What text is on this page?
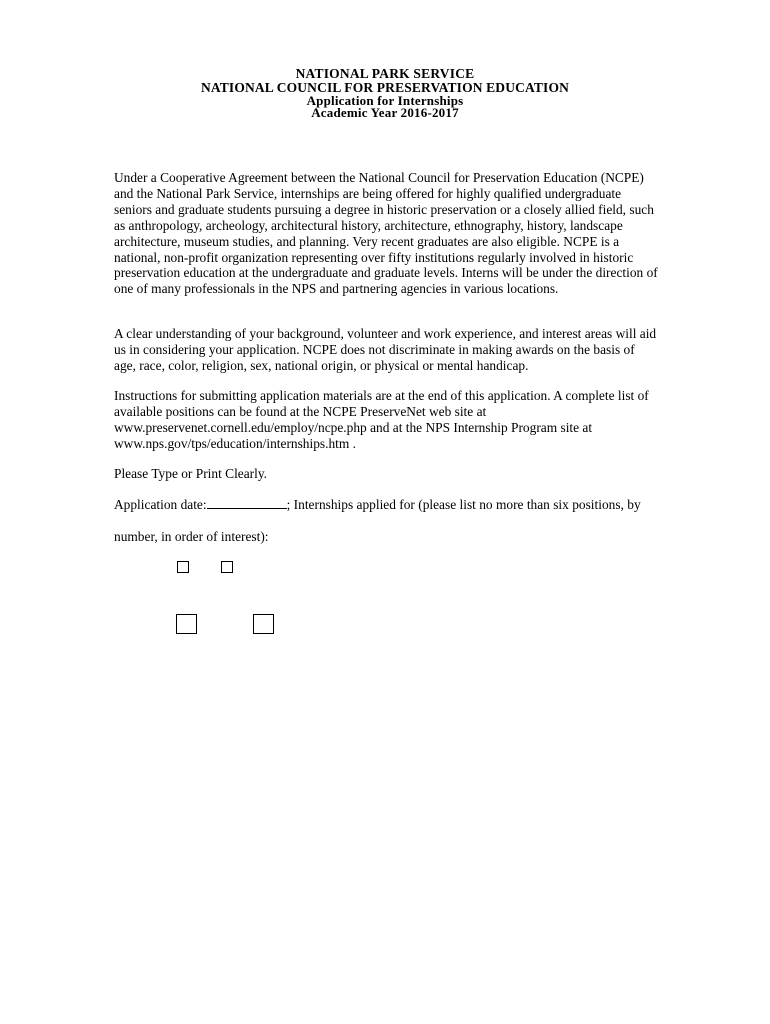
NATIONAL PARK SERVICE
NATIONAL COUNCIL FOR PRESERVATION EDUCATION
Application for Internships
Academic Year 2016-2017

Under a Cooperative Agreement between the National Council for Preservation Education (NCPE) and the National Park Service, internships are being offered for highly qualified undergraduate seniors and graduate students pursuing a degree in historic preservation or a closely allied field, such as anthropology, archeology, architectural history, architecture, ethnography, history, landscape architecture, museum studies, and planning. Very recent graduates are also eligible. NCPE is a national, non-profit organization representing over fifty institutions regularly involved in historic preservation education at the undergraduate and graduate levels. Interns will be under the direction of one of many professionals in the NPS and partnering agencies in various locations.

A clear understanding of your background, volunteer and work experience, and interest areas will aid us in considering your application. NCPE does not discriminate in making awards on the basis of age, race, color, religion, sex, national origin, or physical or mental handicap.

Instructions for submitting application materials are at the end of this application. A complete list of available positions can be found at the NCPE PreserveNet web site at www.preservenet.cornell.edu/employ/ncpe.php and at the NPS Internship Program site at www.nps.gov/tps/education/internships.htm .

Please Type or Print Clearly.

Application date:	; Internships applied for (please list no more than six positions, by

number, in order of interest):
